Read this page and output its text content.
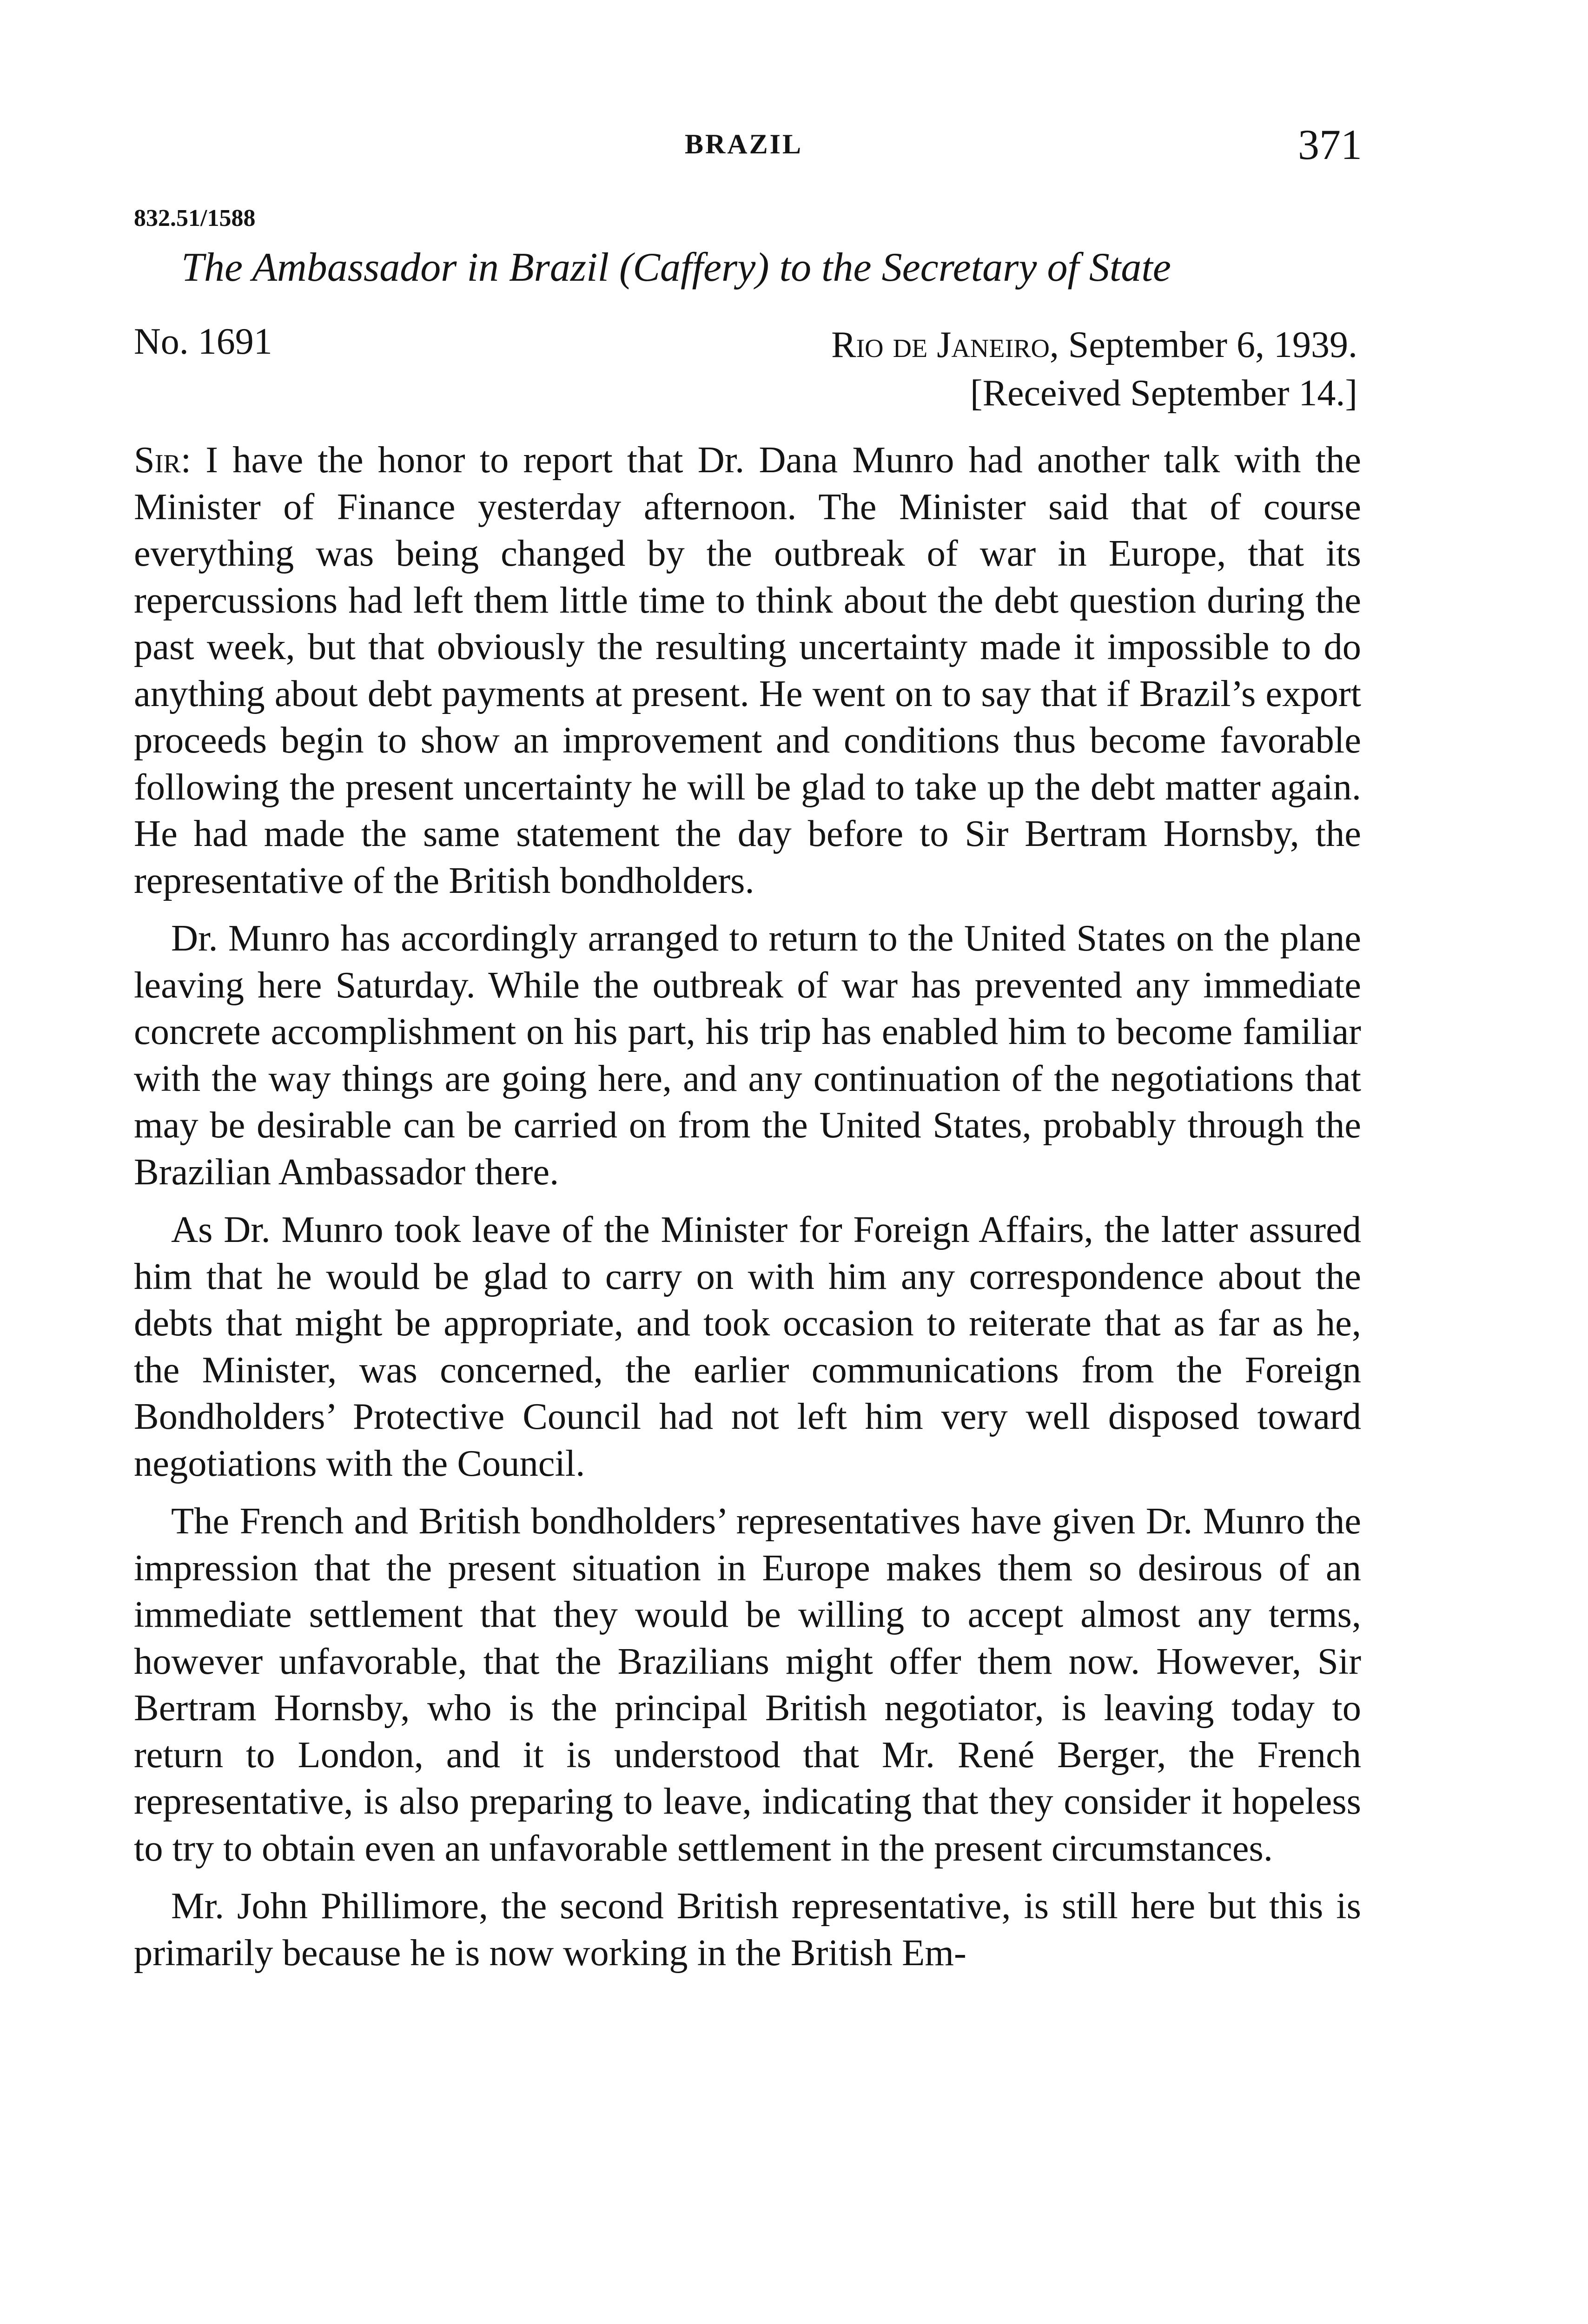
BRAZIL	371
832.51/1588
The Ambassador in Brazil (Caffery) to the Secretary of State
No. 1691	Rio de Janeiro, September 6, 1939.
[Received September 14.]

Sir: I have the honor to report that Dr. Dana Munro had another talk with the Minister of Finance yesterday afternoon. The Minister said that of course everything was being changed by the outbreak of war in Europe, that its repercussions had left them little time to think about the debt question during the past week, but that obviously the resulting uncertainty made it impossible to do anything about debt payments at present. He went on to say that if Brazil’s export proceeds begin to show an improvement and conditions thus become favorable following the present uncertainty he will be glad to take up the debt matter again. He had made the same statement the day before to Sir Bertram Hornsby, the representative of the British bondholders.

Dr. Munro has accordingly arranged to return to the United States on the plane leaving here Saturday. While the outbreak of war has prevented any immediate concrete accomplishment on his part, his trip has enabled him to become familiar with the way things are going here, and any continuation of the negotiations that may be desirable can be carried on from the United States, probably through the Brazilian Ambassador there.

As Dr. Munro took leave of the Minister for Foreign Affairs, the latter assured him that he would be glad to carry on with him any correspondence about the debts that might be appropriate, and took occasion to reiterate that as far as he, the Minister, was concerned, the earlier communications from the Foreign Bondholders’ Protective Council had not left him very well disposed toward negotiations with the Council.

The French and British bondholders’ representatives have given Dr. Munro the impression that the present situation in Europe makes them so desirous of an immediate settlement that they would be willing to accept almost any terms, however unfavorable, that the Brazilians might offer them now. However, Sir Bertram Hornsby, who is the principal British negotiator, is leaving today to return to London, and it is understood that Mr. René Berger, the French representative, is also preparing to leave, indicating that they consider it hopeless to try to obtain even an unfavorable settlement in the present circumstances.

Mr. John Phillimore, the second British representative, is still here but this is primarily because he is now working in the British Em-
